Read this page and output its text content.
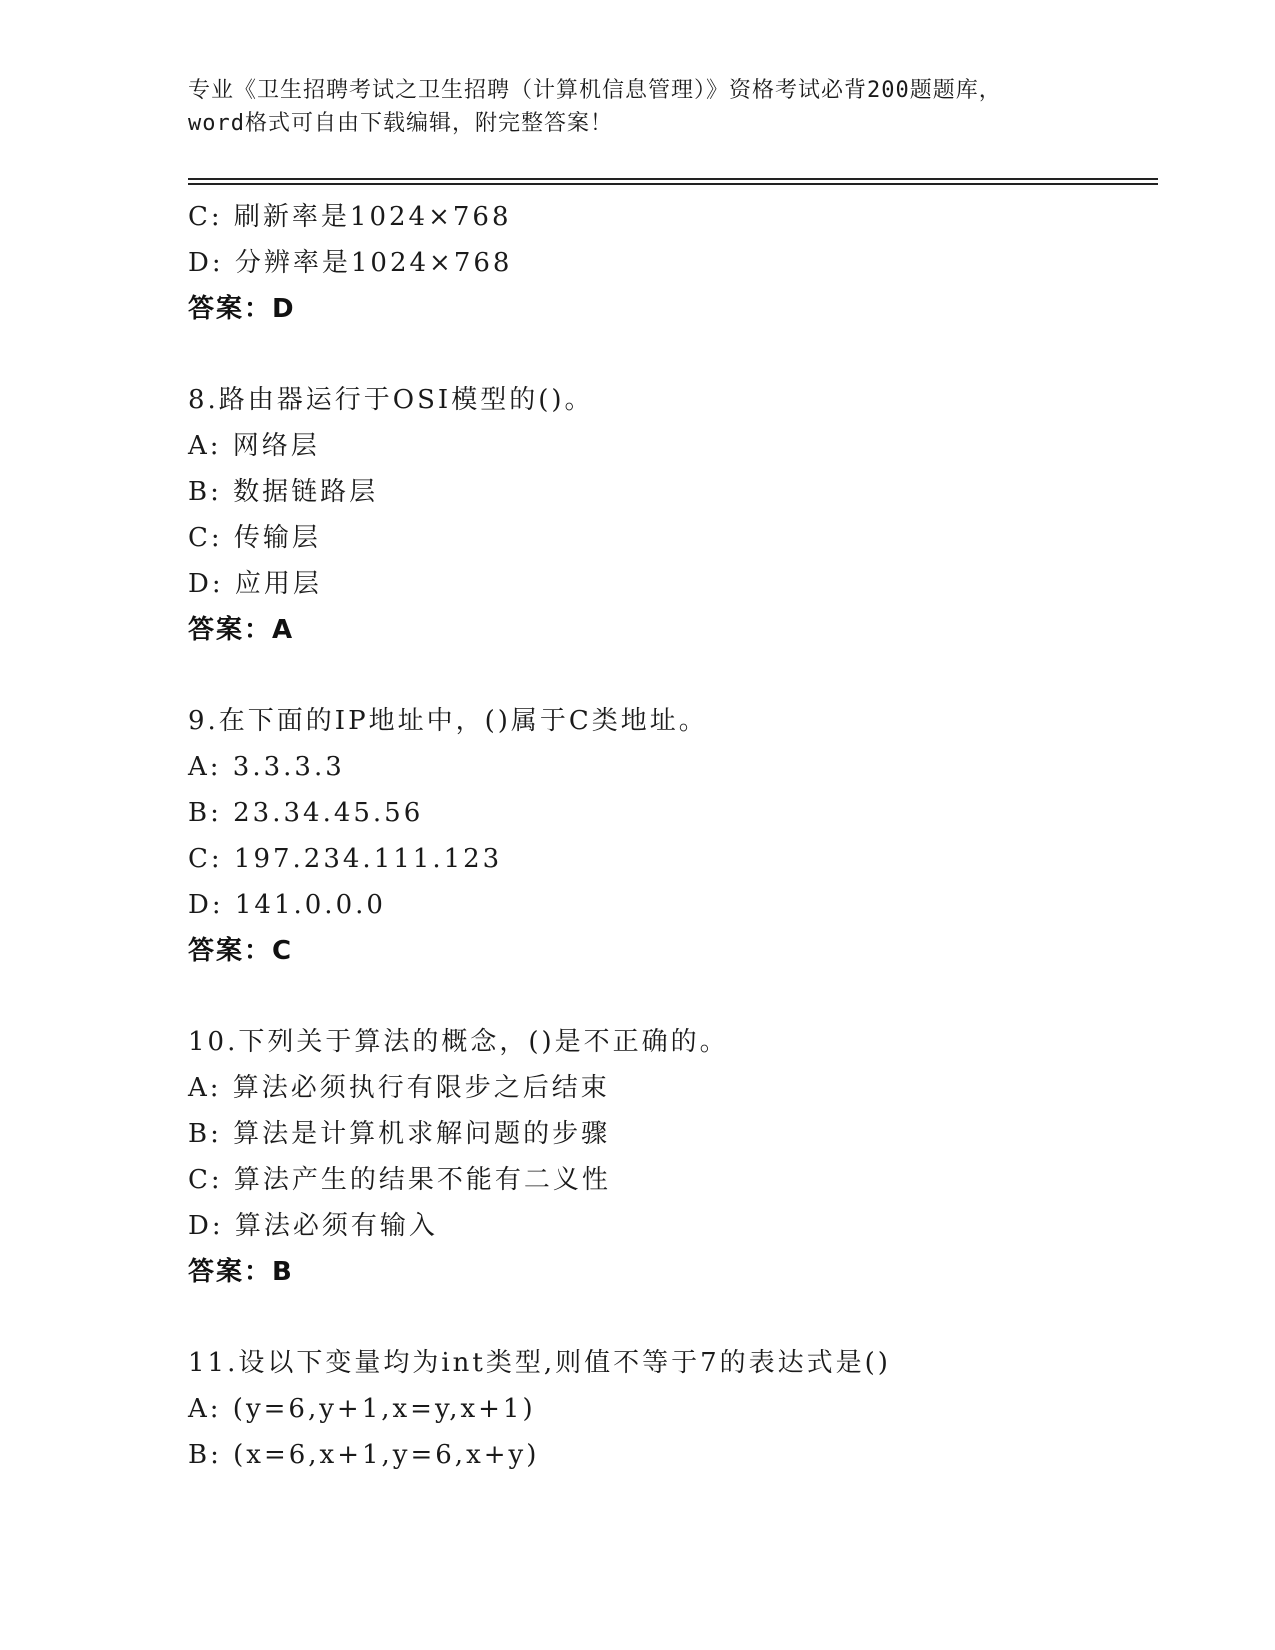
专业《卫生招聘考试之卫生招聘（计算机信息管理）》资格考试必背200题题库，
word格式可自由下载编辑，附完整答案！
C: 刷新率是1024×768
D: 分辨率是1024×768
答案：D
8.路由器运行于OSI模型的()。
A: 网络层
B: 数据链路层
C: 传输层
D: 应用层
答案：A
9.在下面的IP地址中，()属于C类地址。
A: 3.3.3.3
B: 23.34.45.56
C: 197.234.111.123
D: 141.0.0.0
答案：C
10.下列关于算法的概念，()是不正确的。
A: 算法必须执行有限步之后结束
B: 算法是计算机求解问题的步骤
C: 算法产生的结果不能有二义性
D: 算法必须有输入
答案：B
11.设以下变量均为int类型,则值不等于7的表达式是()
A: (y=6,y+1,x=y,x+1)
B: (x=6,x+1,y=6,x+y)
